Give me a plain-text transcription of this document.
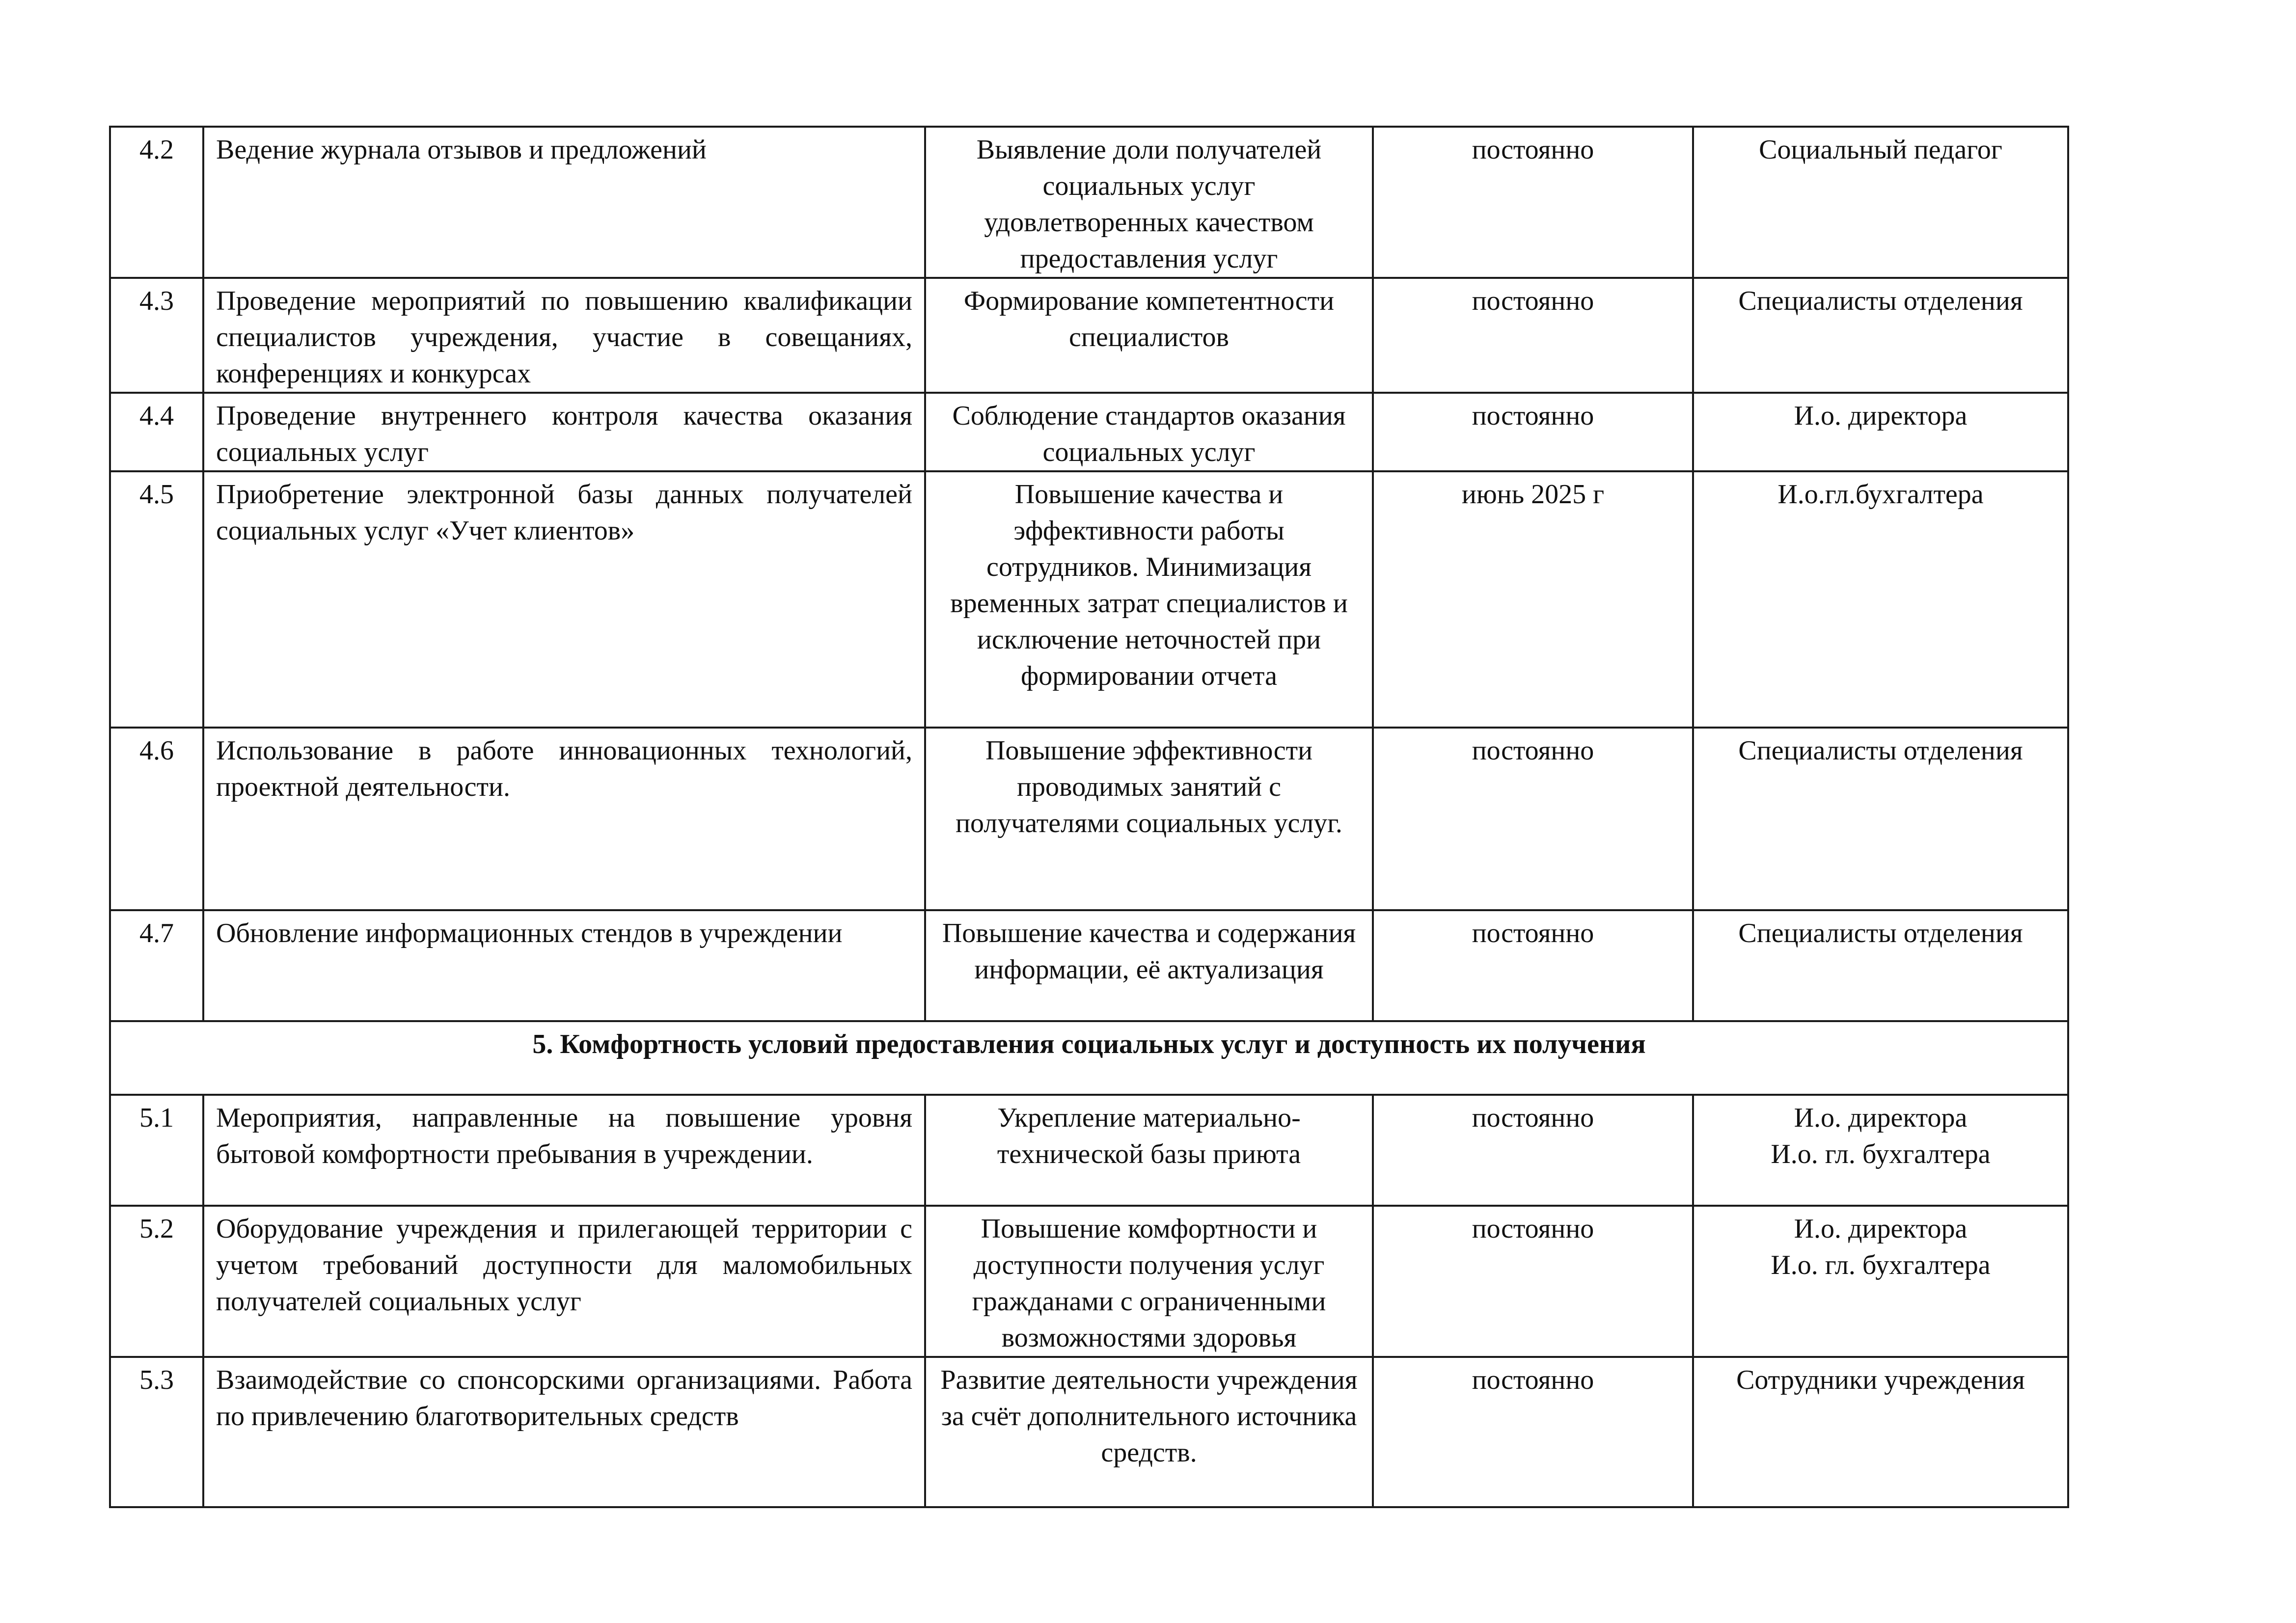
4.2	Ведение журнала отзывов и предложений	Выявление доли получателей социальных услуг удовлетворенных качеством предоставления услуг	постоянно	Социальный педагог

4.3	Проведение мероприятий по повышению квалификации специалистов учреждения, участие в совещаниях, конференциях и конкурсах	Формирование компетентности специалистов	постоянно	Специалисты отделения

4.4	Проведение внутреннего контроля качества оказания социальных услуг	Соблюдение стандартов оказания социальных услуг	постоянно	И.о. директора

4.5	Приобретение электронной базы данных получателей социальных услуг «Учет клиентов»	Повышение качества и эффективности работы сотрудников. Минимизация временных затрат специалистов и исключение неточностей при формировании отчета	июнь 2025 г	И.о.гл.бухгалтера

4.6	Использование в работе инновационных технологий, проектной деятельности.	Повышение эффективности проводимых занятий с получателями социальных услуг.	постоянно	Специалисты отделения

4.7	Обновление информационных стендов в учреждении	Повышение качества и содержания информации, её актуализация	постоянно	Специалисты отделения

5. Комфортность условий предоставления социальных услуг и доступность их получения				
5.1	Мероприятия, направленные на повышение уровня бытовой комфортности пребывания в учреждении.	Укрепление материально-технической базы приюта	постоянно	И.о. директора
И.о. гл. бухгалтера

5.2	Оборудование учреждения и прилегающей территории с учетом требований доступности для маломобильных получателей социальных услуг	Повышение комфортности и доступности получения услуг гражданами с ограниченными возможностями здоровья	постоянно	И.о. директора
И.о. гл. бухгалтера

5.3	Взаимодействие со спонсорскими организациями. Работа по привлечению благотворительных средств	Развитие деятельности учреждения за счёт дополнительного источника средств.	постоянно	Сотрудники учреждения
